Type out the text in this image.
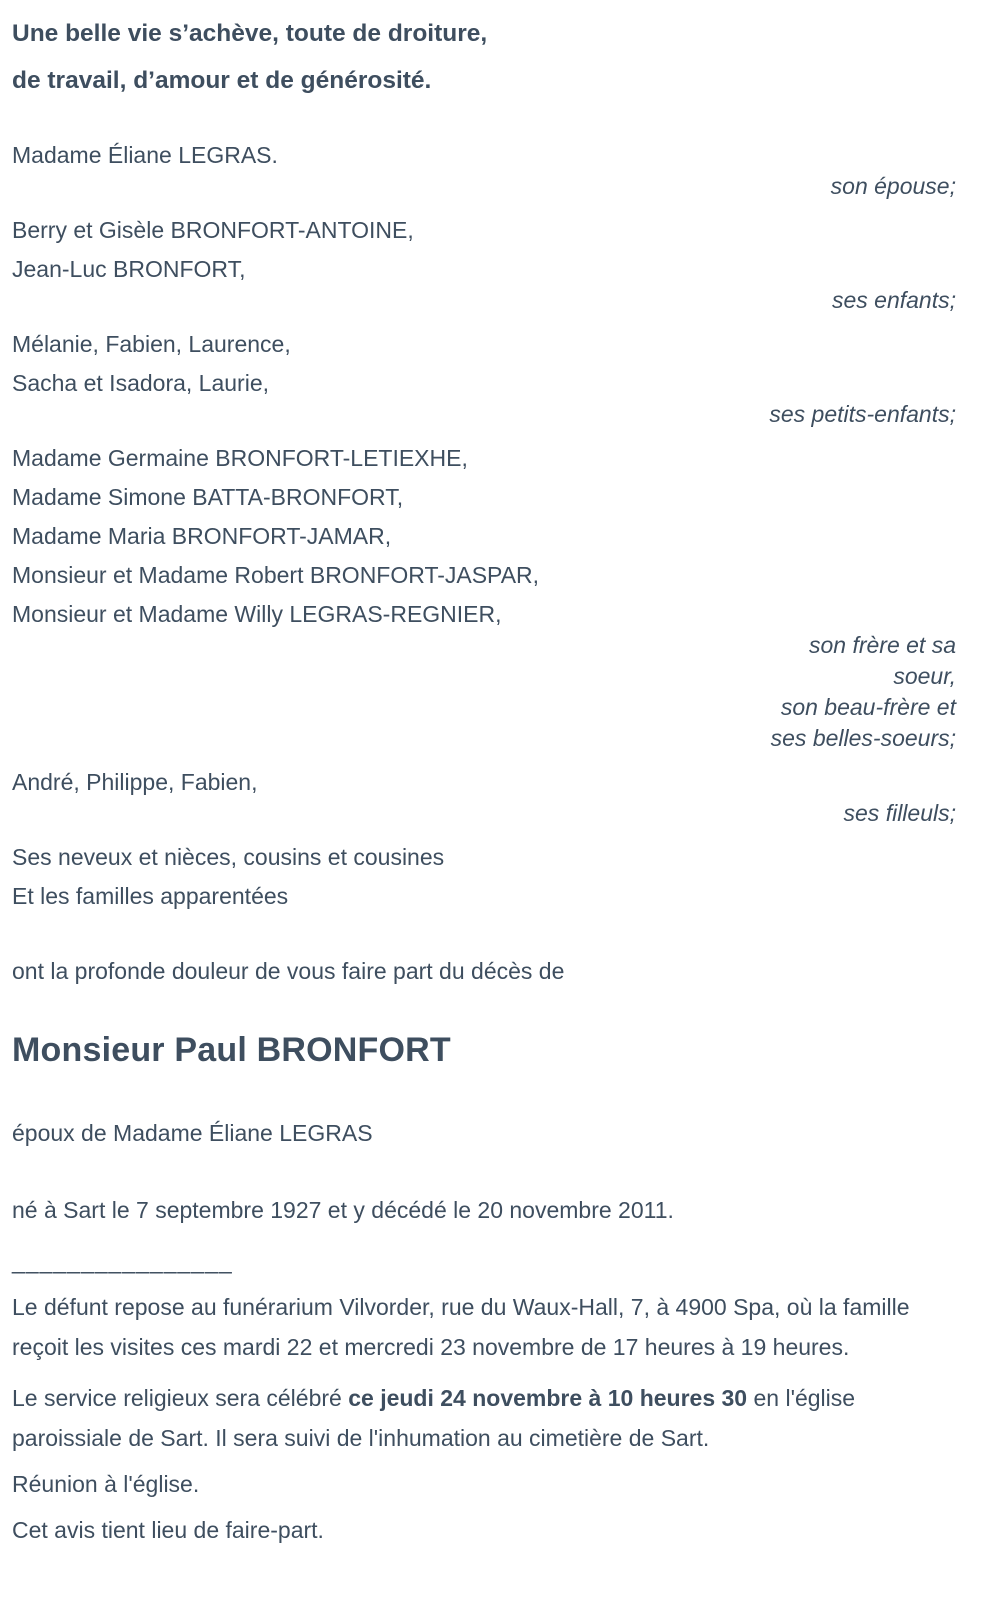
Une belle vie s’achève, toute de droiture,
de travail, d’amour et de générosité.
Madame Éliane LEGRAS.
son épouse;
Berry et Gisèle BRONFORT-ANTOINE,
Jean-Luc BRONFORT,
ses enfants;
Mélanie, Fabien, Laurence,
Sacha et Isadora, Laurie,
ses petits-enfants;
Madame Germaine BRONFORT-LETIEXHE,
Madame Simone BATTA-BRONFORT,
Madame Maria BRONFORT-JAMAR,
Monsieur et Madame Robert BRONFORT-JASPAR,
Monsieur et Madame Willy LEGRAS-REGNIER,
son frère et sa
soeur,
son beau-frère et
ses belles-soeurs;
André, Philippe, Fabien,
ses filleuls;
Ses neveux et nièces, cousins et cousines
Et les familles apparentées

ont la profonde douleur de vous faire part du décès de

Monsieur Paul BRONFORT

époux de Madame Éliane LEGRAS

né à Sart le 7 septembre 1927 et y décédé le 20 novembre 2011.

________________

Le défunt repose au funérarium Vilvorder, rue du Waux-Hall, 7, à 4900 Spa, où la famille reçoit les visites ces mardi 22 et mercredi 23 novembre de 17 heures à 19 heures.

Le service religieux sera célébré ce jeudi 24 novembre à 10 heures 30 en l'église paroissiale de Sart. Il sera suivi de l'inhumation au cimetière de Sart.

Réunion à l'église.

Cet avis tient lieu de faire-part.
